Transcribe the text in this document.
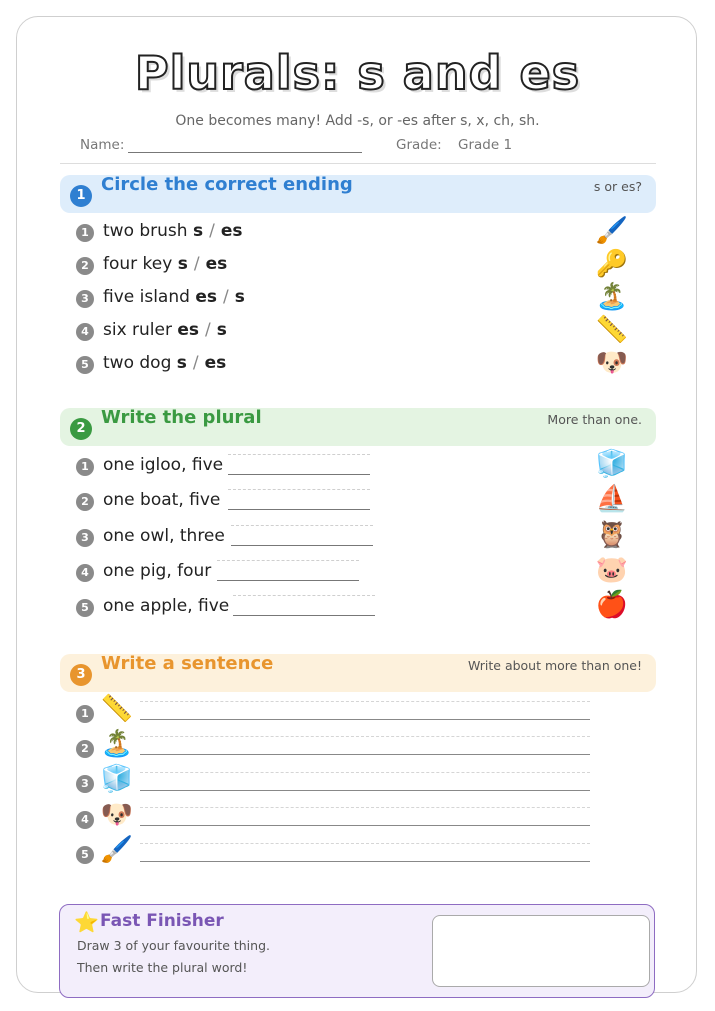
Plurals: s and es
One becomes many! Add -s, or -es after s, x, ch, sh.
Name:	Grade: Grade 1
1
Circle the correct ending	s or es?
1 two brush s / es	🖌️
2 four key s / es	🔑
3 five island es / s	🏝️
4 six ruler es / s	📏
5 two dog s / es	🐶
2
Write the plural	More than one.
1 one igloo, five	🧊
2 one boat, five	⛵
3 one owl, three	🦉
4 one pig, four	🐷
5 one apple, five	🍎
3
Write a sentence	Write about more than one!
1 📏
2 🏝️
3 🧊
4 🐶
5 🖌️
⭐ Fast Finisher
Draw 3 of your favourite thing.
Then write the plural word!
